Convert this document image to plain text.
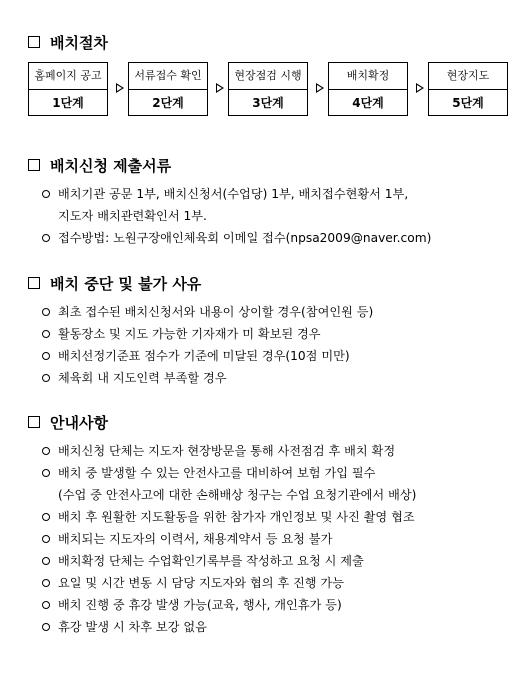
배치절차
홈페이지 공고
1단계
서류접수 확인
2단계
현장점검 시행
3단계
배치확정
4단계
현장지도
5단계
배치신청 제출서류
배치기관 공문 1부, 배치신청서(수업당) 1부, 배치접수현황서 1부,
지도자 배치관련확인서 1부.
접수방법: 노원구장애인체육회 이메일 접수(npsa2009@naver.com)
배치 중단 및 불가 사유
최초 접수된 배치신청서와 내용이 상이할 경우(참여인원 등)
활동장소 및 지도 가능한 기자재가 미 확보된 경우
배치선정기준표 점수가 기준에 미달된 경우(10점 미만)
체육회 내 지도인력 부족할 경우
안내사항
배치신청 단체는 지도자 현장방문을 통해 사전점검 후 배치 확정
배치 중 발생할 수 있는 안전사고를 대비하여 보험 가입 필수
(수업 중 안전사고에 대한 손해배상 청구는 수업 요청기관에서 배상)
배치 후 원활한 지도활동을 위한 참가자 개인정보 및 사진 촬영 협조
배치되는 지도자의 이력서, 채용계약서 등 요청 불가
배치확정 단체는 수업확인기록부를 작성하고 요청 시 제출
요일 및 시간 변동 시 담당 지도자와 협의 후 진행 가능
배치 진행 중 휴강 발생 가능(교육, 행사, 개인휴가 등)
휴강 발생 시 차후 보강 없음
